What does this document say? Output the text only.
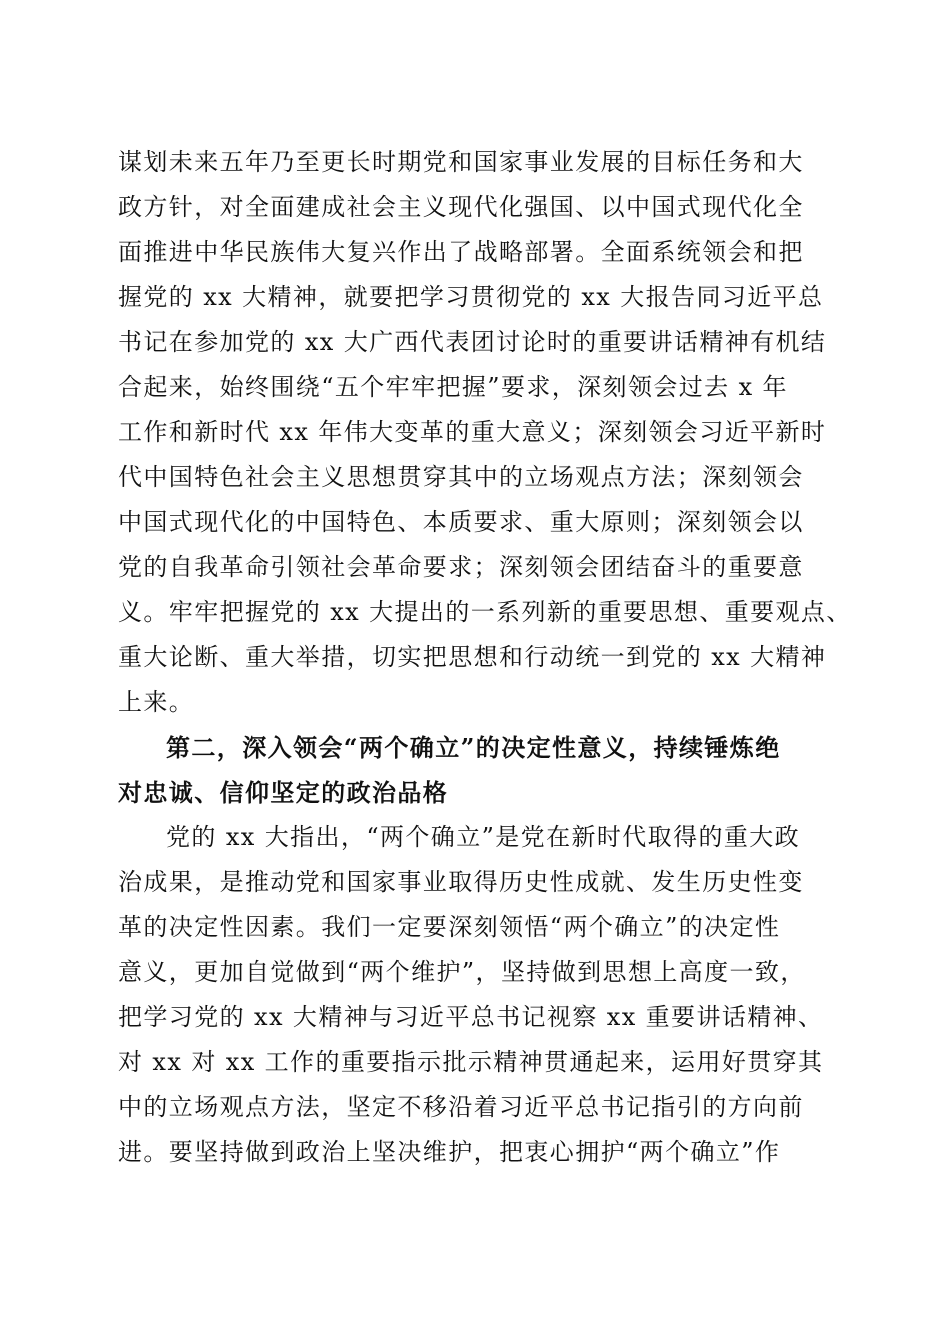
谋划未来五年乃至更长时期党和国家事业发展的目标任务和大
政方针，对全面建成社会主义现代化强国、以中国式现代化全
面推进中华民族伟大复兴作出了战略部署。全面系统领会和把
握党的 xx 大精神，就要把学习贯彻党的 xx 大报告同习近平总
书记在参加党的 xx 大广西代表团讨论时的重要讲话精神有机结
合起来，始终围绕“五个牢牢把握”要求，深刻领会过去 x 年
工作和新时代 xx 年伟大变革的重大意义；深刻领会习近平新时
代中国特色社会主义思想贯穿其中的立场观点方法；深刻领会
中国式现代化的中国特色、本质要求、重大原则；深刻领会以
党的自我革命引领社会革命要求；深刻领会团结奋斗的重要意
义。牢牢把握党的 xx 大提出的一系列新的重要思想、重要观点、
重大论断、重大举措，切实把思想和行动统一到党的 xx 大精神
上来。

第二，深入领会“两个确立”的决定性意义，持续锤炼绝
对忠诚、信仰坚定的政治品格

党的 xx 大指出，“两个确立”是党在新时代取得的重大政
治成果，是推动党和国家事业取得历史性成就、发生历史性变
革的决定性因素。我们一定要深刻领悟“两个确立”的决定性
意义，更加自觉做到“两个维护”，坚持做到思想上高度一致，
把学习党的 xx 大精神与习近平总书记视察 xx 重要讲话精神、
对 xx 对 xx 工作的重要指示批示精神贯通起来，运用好贯穿其
中的立场观点方法，坚定不移沿着习近平总书记指引的方向前
进。要坚持做到政治上坚决维护，把衷心拥护“两个确立”作
